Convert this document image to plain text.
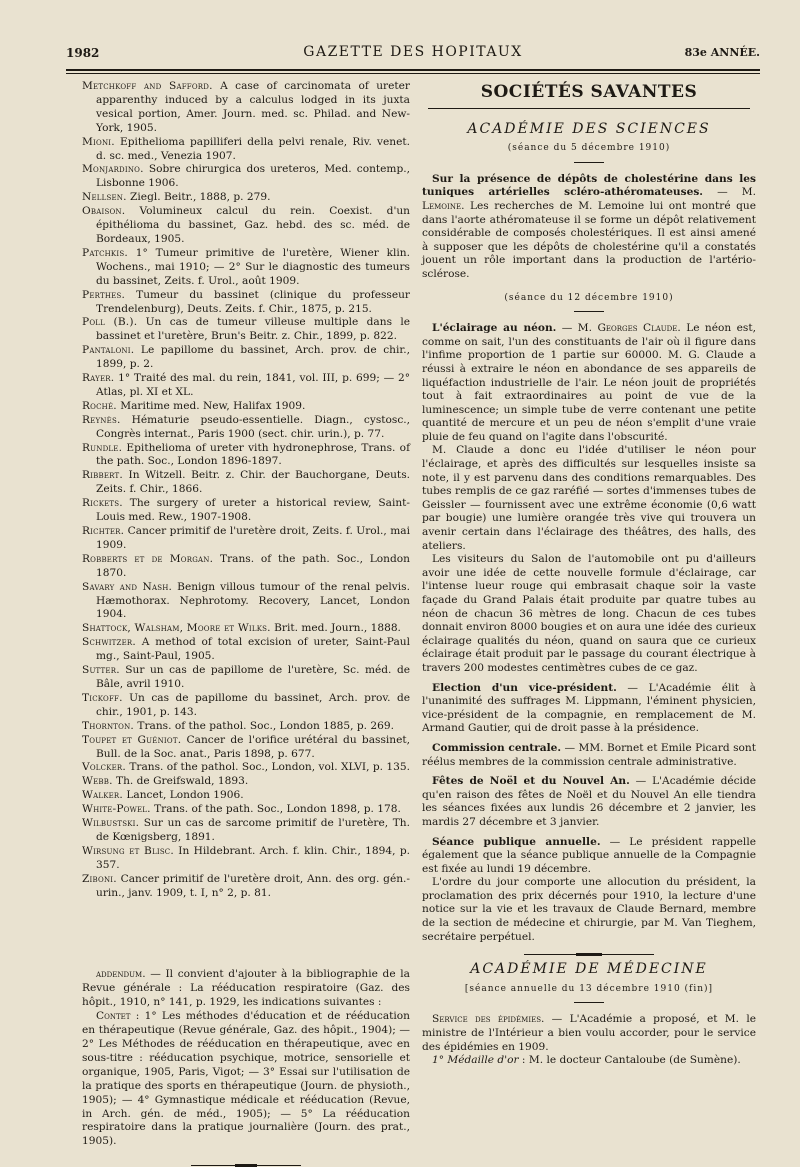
1982	GAZETTE DES HOPITAUX	83e ANNÉE.

Metchkoff and Safford. A case of carcinomata of ureter apparenthy induced by a calculus lodged in its juxta vesical portion, Amer. Journ. med. sc. Philad. and New-York, 1905.

Mioni. Epithelioma papilliferi della pelvi renale, Riv. venet. d. sc. med., Venezia 1907.

Monjardino. Sobre chirurgica dos ureteros, Med. contemp., Lisbonne 1906.

Nellsen. Ziegl. Beitr., 1888, p. 279.

Obaison. Volumineux calcul du rein. Coexist. d'un épithélioma du bassinet, Gaz. hebd. des sc. méd. de Bordeaux, 1905.

Patchkis. 1° Tumeur primitive de l'uretère, Wiener klin. Wochens., mai 1910; — 2° Sur le diagnostic des tumeurs du bassinet, Zeits. f. Urol., août 1909.

Perthes. Tumeur du bassinet (clinique du professeur Trendelenburg), Deuts. Zeits. f. Chir., 1875, p. 215.

Poll (B.). Un cas de tumeur villeuse multiple dans le bassinet et l'uretère, Brun's Beitr. z. Chir., 1899, p. 822.

Pantaloni. Le papillome du bassinet, Arch. prov. de chir., 1899, p. 2.

Rayer. 1° Traité des mal. du rein, 1841, vol. III, p. 699; — 2° Atlas, pl. XI et XL.

Roché. Maritime med. New, Halifax 1909.

Reynès. Hématurie pseudo-essentielle. Diagn., cystosc., Congrès internat., Paris 1900 (sect. chir. urin.), p. 77.

Rundle. Epithelioma of ureter vith hydronephrose, Trans. of the path. Soc., London 1896-1897.

Ribbert. In Witzell. Beitr. z. Chir. der Bauchorgane, Deuts. Zeits. f. Chir., 1866.

Rickets. The surgery of ureter a historical review, Saint-Louis med. Rew., 1907-1908.

Richter. Cancer primitif de l'uretère droit, Zeits. f. Urol., mai 1909.

Robberts et de Morgan. Trans. of the path. Soc., London 1870.

Savary and Nash. Benign villous tumour of the renal pelvis. Hæmothorax. Nephrotomy. Recovery, Lancet, London 1904.

Shattock, Walsham, Moore et Wilks. Brit. med. Journ., 1888.

Schwitzer. A method of total excision of ureter, Saint-Paul mg., Saint-Paul, 1905.

Sutter. Sur un cas de papillome de l'uretère, Sc. méd. de Bâle, avril 1910.

Tickoff. Un cas de papillome du bassinet, Arch. prov. de chir., 1901, p. 143.

Thornton. Trans. of the pathol. Soc., London 1885, p. 269.

Toupet et Guéniot. Cancer de l'orifice urétéral du bassinet, Bull. de la Soc. anat., Paris 1898, p. 677.

Volcker. Trans. of the pathol. Soc., London, vol. XLVI, p. 135.

Webb. Th. de Greifswald, 1893.

Walker. Lancet, London 1906.

White-Powel. Trans. of the path. Soc., London 1898, p. 178.

Wilbustski. Sur un cas de sarcome primitif de l'uretère, Th. de Kœnigsberg, 1891.

Wirsung et Blisc. In Hildebrant. Arch. f. klin. Chir., 1894, p. 357.

Ziboni. Cancer primitif de l'uretère droit, Ann. des org. gén.-urin., janv. 1909, t. I, n° 2, p. 81.

addendum. — Il convient d'ajouter à la bibliographie de la Revue générale : La rééducation respiratoire (Gaz. des hôpit., 1910, n° 141, p. 1929, les indications suivantes :

Contet : 1° Les méthodes d'éducation et de rééducation en thérapeutique (Revue générale, Gaz. des hôpit., 1904); — 2° Les Méthodes de rééducation en thérapeutique, avec en sous-titre : rééducation psychique, motrice, sensorielle et organique, 1905, Paris, Vigot; — 3° Essai sur l'utilisation de la pratique des sports en thérapeutique (Journ. de physioth., 1905); — 4° Gymnastique médicale et rééducation (Revue, in Arch. gén. de méd., 1905); — 5° La rééducation respiratoire dans la pratique journalière (Journ. des prat., 1905).

SOCIÉTÉS SAVANTES
ACADÉMIE DES SCIENCES
(séance du 5 décembre 1910)

Sur la présence de dépôts de cholestérine dans les tuniques artérielles scléro-athéromateuses. — M. Lemoine. Les recherches de M. Lemoine lui ont montré que dans l'aorte athéromateuse il se forme un dépôt relativement considérable de composés cholestériques. Il est ainsi amené à supposer que les dépôts de cholestérine qu'il a constatés jouent un rôle important dans la production de l'artério-sclérose.

(séance du 12 décembre 1910)

L'éclairage au néon. — M. Georges Claude. Le néon est, comme on sait, l'un des constituants de l'air où il figure dans l'infime proportion de 1 partie sur 60000. M. G. Claude a réussi à extraire le néon en abondance de ses appareils de liquéfaction industrielle de l'air. Le néon jouit de propriétés tout à fait extraordinaires au point de vue de la luminescence; un simple tube de verre contenant une petite quantité de mercure et un peu de néon s'emplit d'une vraie pluie de feu quand on l'agite dans l'obscurité.

M. Claude a donc eu l'idée d'utiliser le néon pour l'éclairage, et après des difficultés sur lesquelles insiste sa note, il y est parvenu dans des conditions remarquables. Des tubes remplis de ce gaz raréfié — sortes d'immenses tubes de Geissler — fournissent avec une extrême économie (0,6 watt par bougie) une lumière orangée très vive qui trouvera un avenir certain dans l'éclairage des théâtres, des halls, des ateliers.

Les visiteurs du Salon de l'automobile ont pu d'ailleurs avoir une idée de cette nouvelle formule d'éclairage, car l'intense lueur rouge qui embrasait chaque soir la vaste façade du Grand Palais était produite par quatre tubes au néon de chacun 36 mètres de long. Chacun de ces tubes donnait environ 8000 bougies et on aura une idée des curieux éclairage qualités du néon, quand on saura que ce curieux éclairage était produit par le passage du courant électrique à travers 200 modestes centimètres cubes de ce gaz.

Election d'un vice-président. — L'Académie élit à l'unanimité des suffrages M. Lippmann, l'éminent physicien, vice-président de la compagnie, en remplacement de M. Armand Gautier, qui de droit passe à la présidence.

Commission centrale. — MM. Bornet et Emile Picard sont réélus membres de la commission centrale administrative.

Fêtes de Noël et du Nouvel An. — L'Académie décide qu'en raison des fêtes de Noël et du Nouvel An elle tiendra les séances fixées aux lundis 26 décembre et 2 janvier, les mardis 27 décembre et 3 janvier.

Séance publique annuelle. — Le président rappelle également que la séance publique annuelle de la Compagnie est fixée au lundi 19 décembre.

L'ordre du jour comporte une allocution du président, la proclamation des prix décernés pour 1910, la lecture d'une notice sur la vie et les travaux de Claude Bernard, membre de la section de médecine et chirurgie, par M. Van Tieghem, secrétaire perpétuel.

ACADÉMIE DE MÉDECINE
[séance annuelle du 13 décembre 1910 (fin)]

Service des épidémies. — L'Académie a proposé, et M. le ministre de l'Intérieur a bien voulu accorder, pour le service des épidémies en 1909.

1° Médaille d'or : M. le docteur Cantaloube (de Sumène).
